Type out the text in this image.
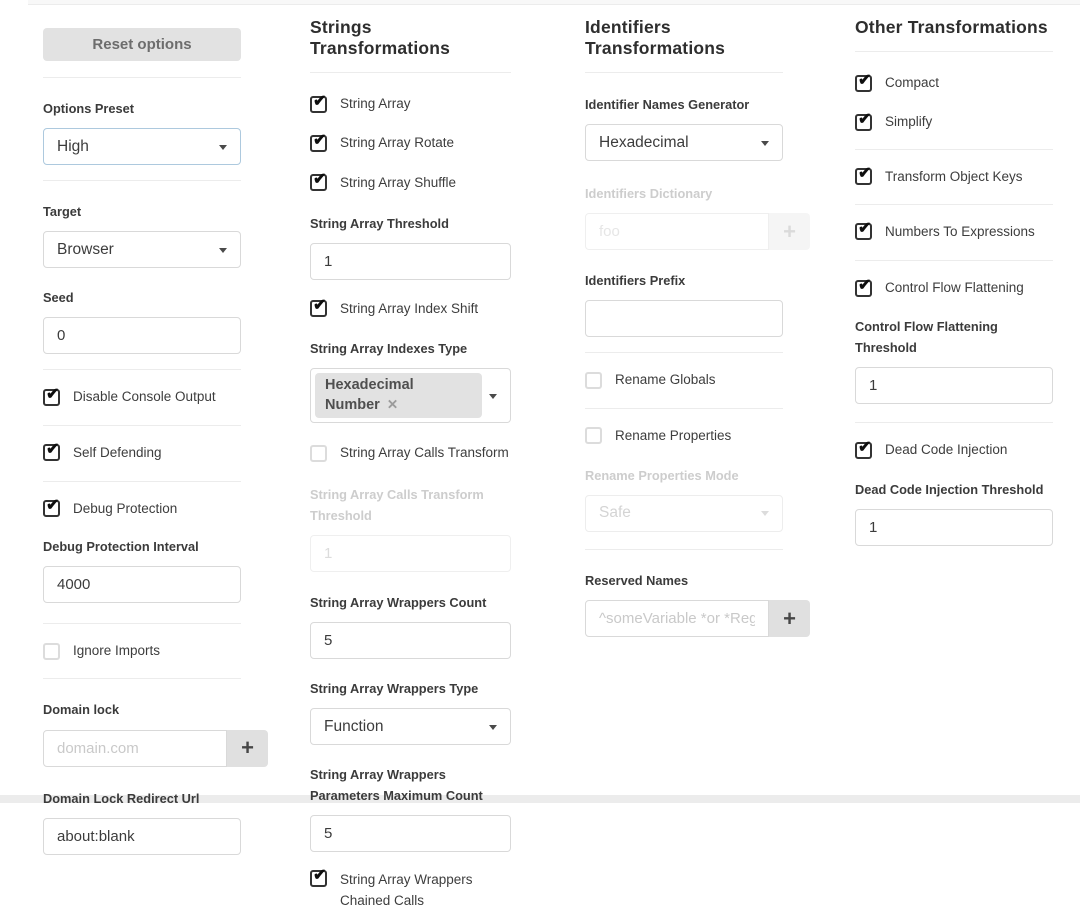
Reset options
Options Preset
High
Target
Browser
Seed
0
✔
Disable Console Output
✔
Self Defending
✔
Debug Protection
Debug Protection Interval
4000
Ignore Imports
Domain lock
domain.com
+
Domain Lock Redirect Url
about:blank
Strings Transformations
✔
String Array
✔
String Array Rotate
✔
String Array Shuffle
String Array Threshold
1
✔
String Array Index Shift
String Array Indexes Type
Hexadecimal Number ✕
String Array Calls Transform
String Array Calls Transform Threshold
1
String Array Wrappers Count
5
String Array Wrappers Type
Function
String Array Wrappers Parameters Maximum Count
5
✔
String Array Wrappers Chained Calls
Identifiers Transformations
Identifier Names Generator
Hexadecimal
Identifiers Dictionary
foo
+
Identifiers Prefix
Rename Globals
Rename Properties
Rename Properties Mode
Safe
Reserved Names
^someVariable *or *RegE
+
Other Transformations
✔
Compact
✔
Simplify
✔
Transform Object Keys
✔
Numbers To Expressions
✔
Control Flow Flattening
Control Flow Flattening Threshold
1
✔
Dead Code Injection
Dead Code Injection Threshold
1
